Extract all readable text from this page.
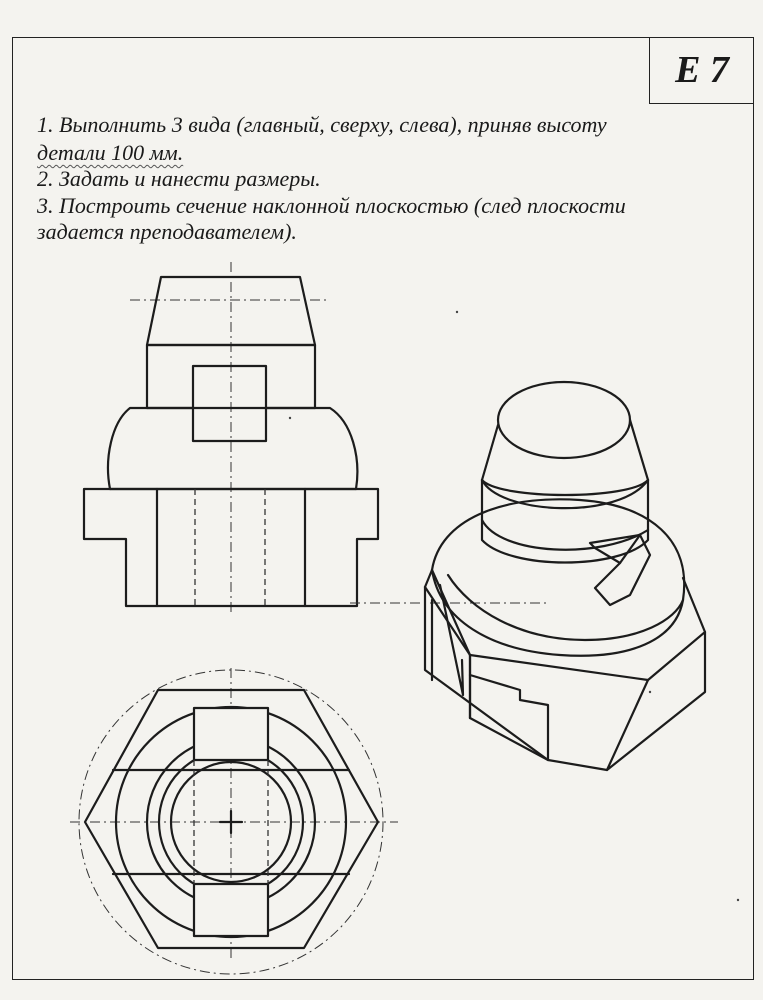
Е 7
1. Выполнить 3 вида (главный, сверху, слева), приняв высоту
детали 100 мм.
2. Задать и нанести размеры.
3. Построить сечение наклонной плоскостью (след плоскости
задается преподавателем).
